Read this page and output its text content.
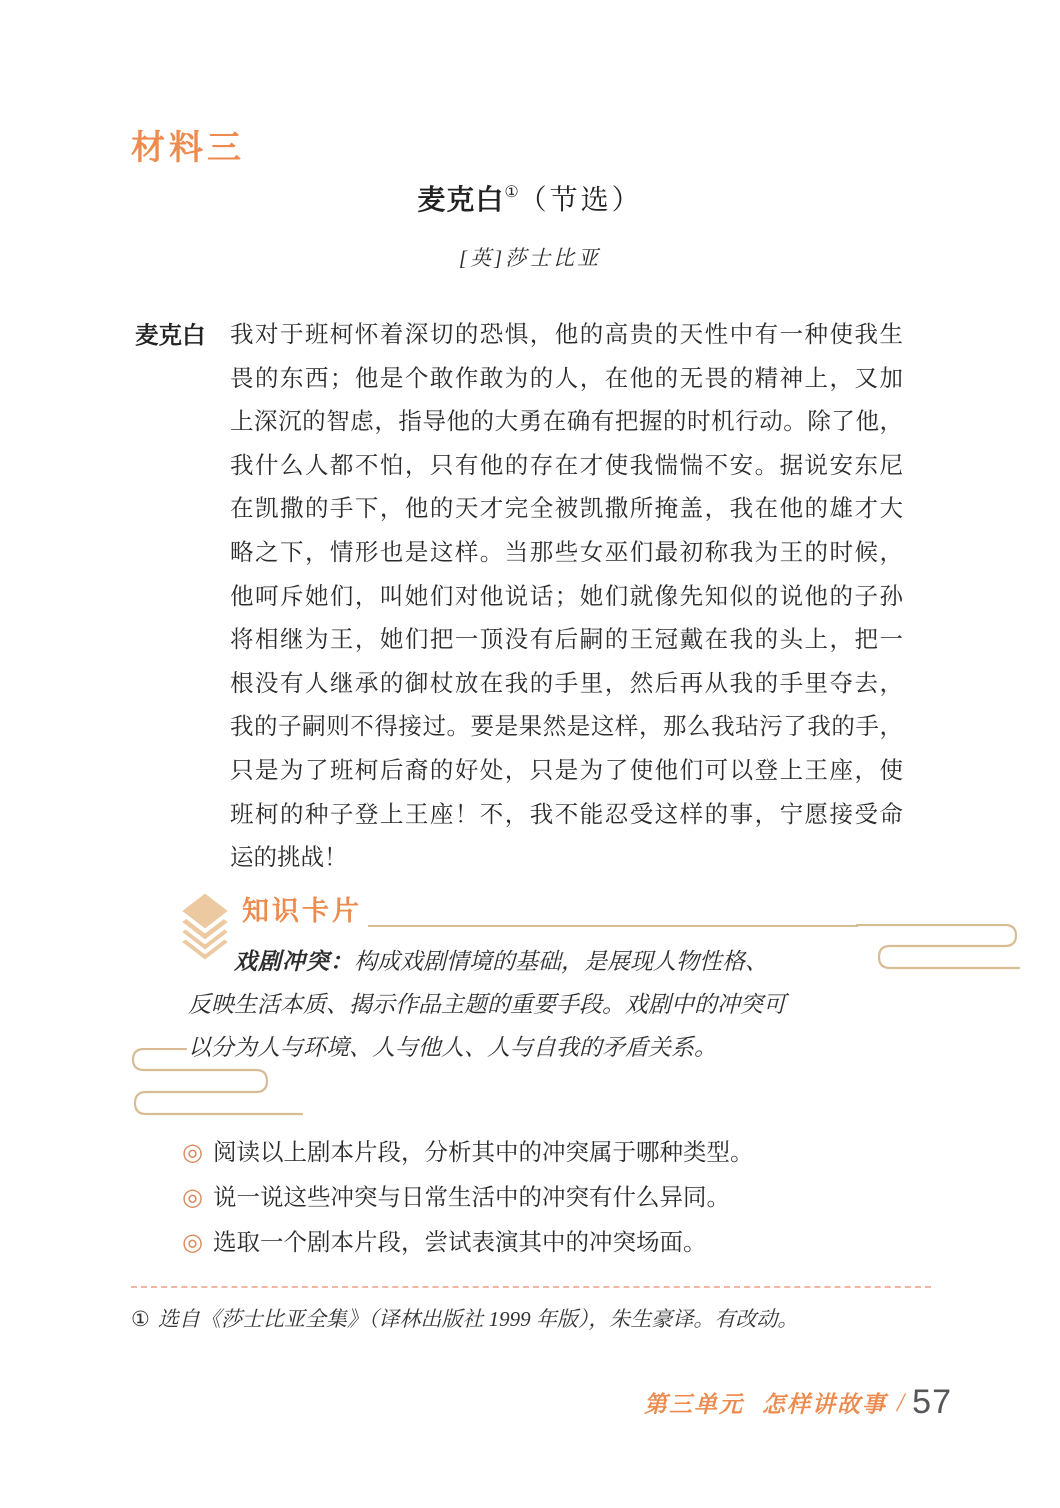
材料三
麦克白①（节选）
[英]莎士比亚
麦克白	我对于班柯怀着深切的恐惧，他的高贵的天性中有一种使我生
畏的东西；他是个敢作敢为的人，在他的无畏的精神上，又加
上深沉的智虑，指导他的大勇在确有把握的时机行动。除了他，
我什么人都不怕，只有他的存在才使我惴惴不安。据说安东尼
在凯撒的手下，他的天才完全被凯撒所掩盖，我在他的雄才大
略之下，情形也是这样。当那些女巫们最初称我为王的时候，
他呵斥她们，叫她们对他说话；她们就像先知似的说他的子孙
将相继为王，她们把一顶没有后嗣的王冠戴在我的头上，把一
根没有人继承的御杖放在我的手里，然后再从我的手里夺去，
我的子嗣则不得接过。要是果然是这样，那么我玷污了我的手，
只是为了班柯后裔的好处，只是为了使他们可以登上王座，使
班柯的种子登上王座！不，我不能忍受这样的事，宁愿接受命
运的挑战！
知识卡片

戏剧冲突：构成戏剧情境的基础，是展现人物性格、

反映生活本质、揭示作品主题的重要手段。戏剧中的冲突可

以分为人与环境、人与他人、人与自我的矛盾关系。

◎ 阅读以上剧本片段，分析其中的冲突属于哪种类型。
◎ 说一说这些冲突与日常生活中的冲突有什么异同。
◎ 选取一个剧本片段，尝试表演其中的冲突场面。
① 选自《莎士比亚全集》（译林出版社 1999 年版），朱生豪译。有改动。
第三单元 怎样讲故事 / 57
